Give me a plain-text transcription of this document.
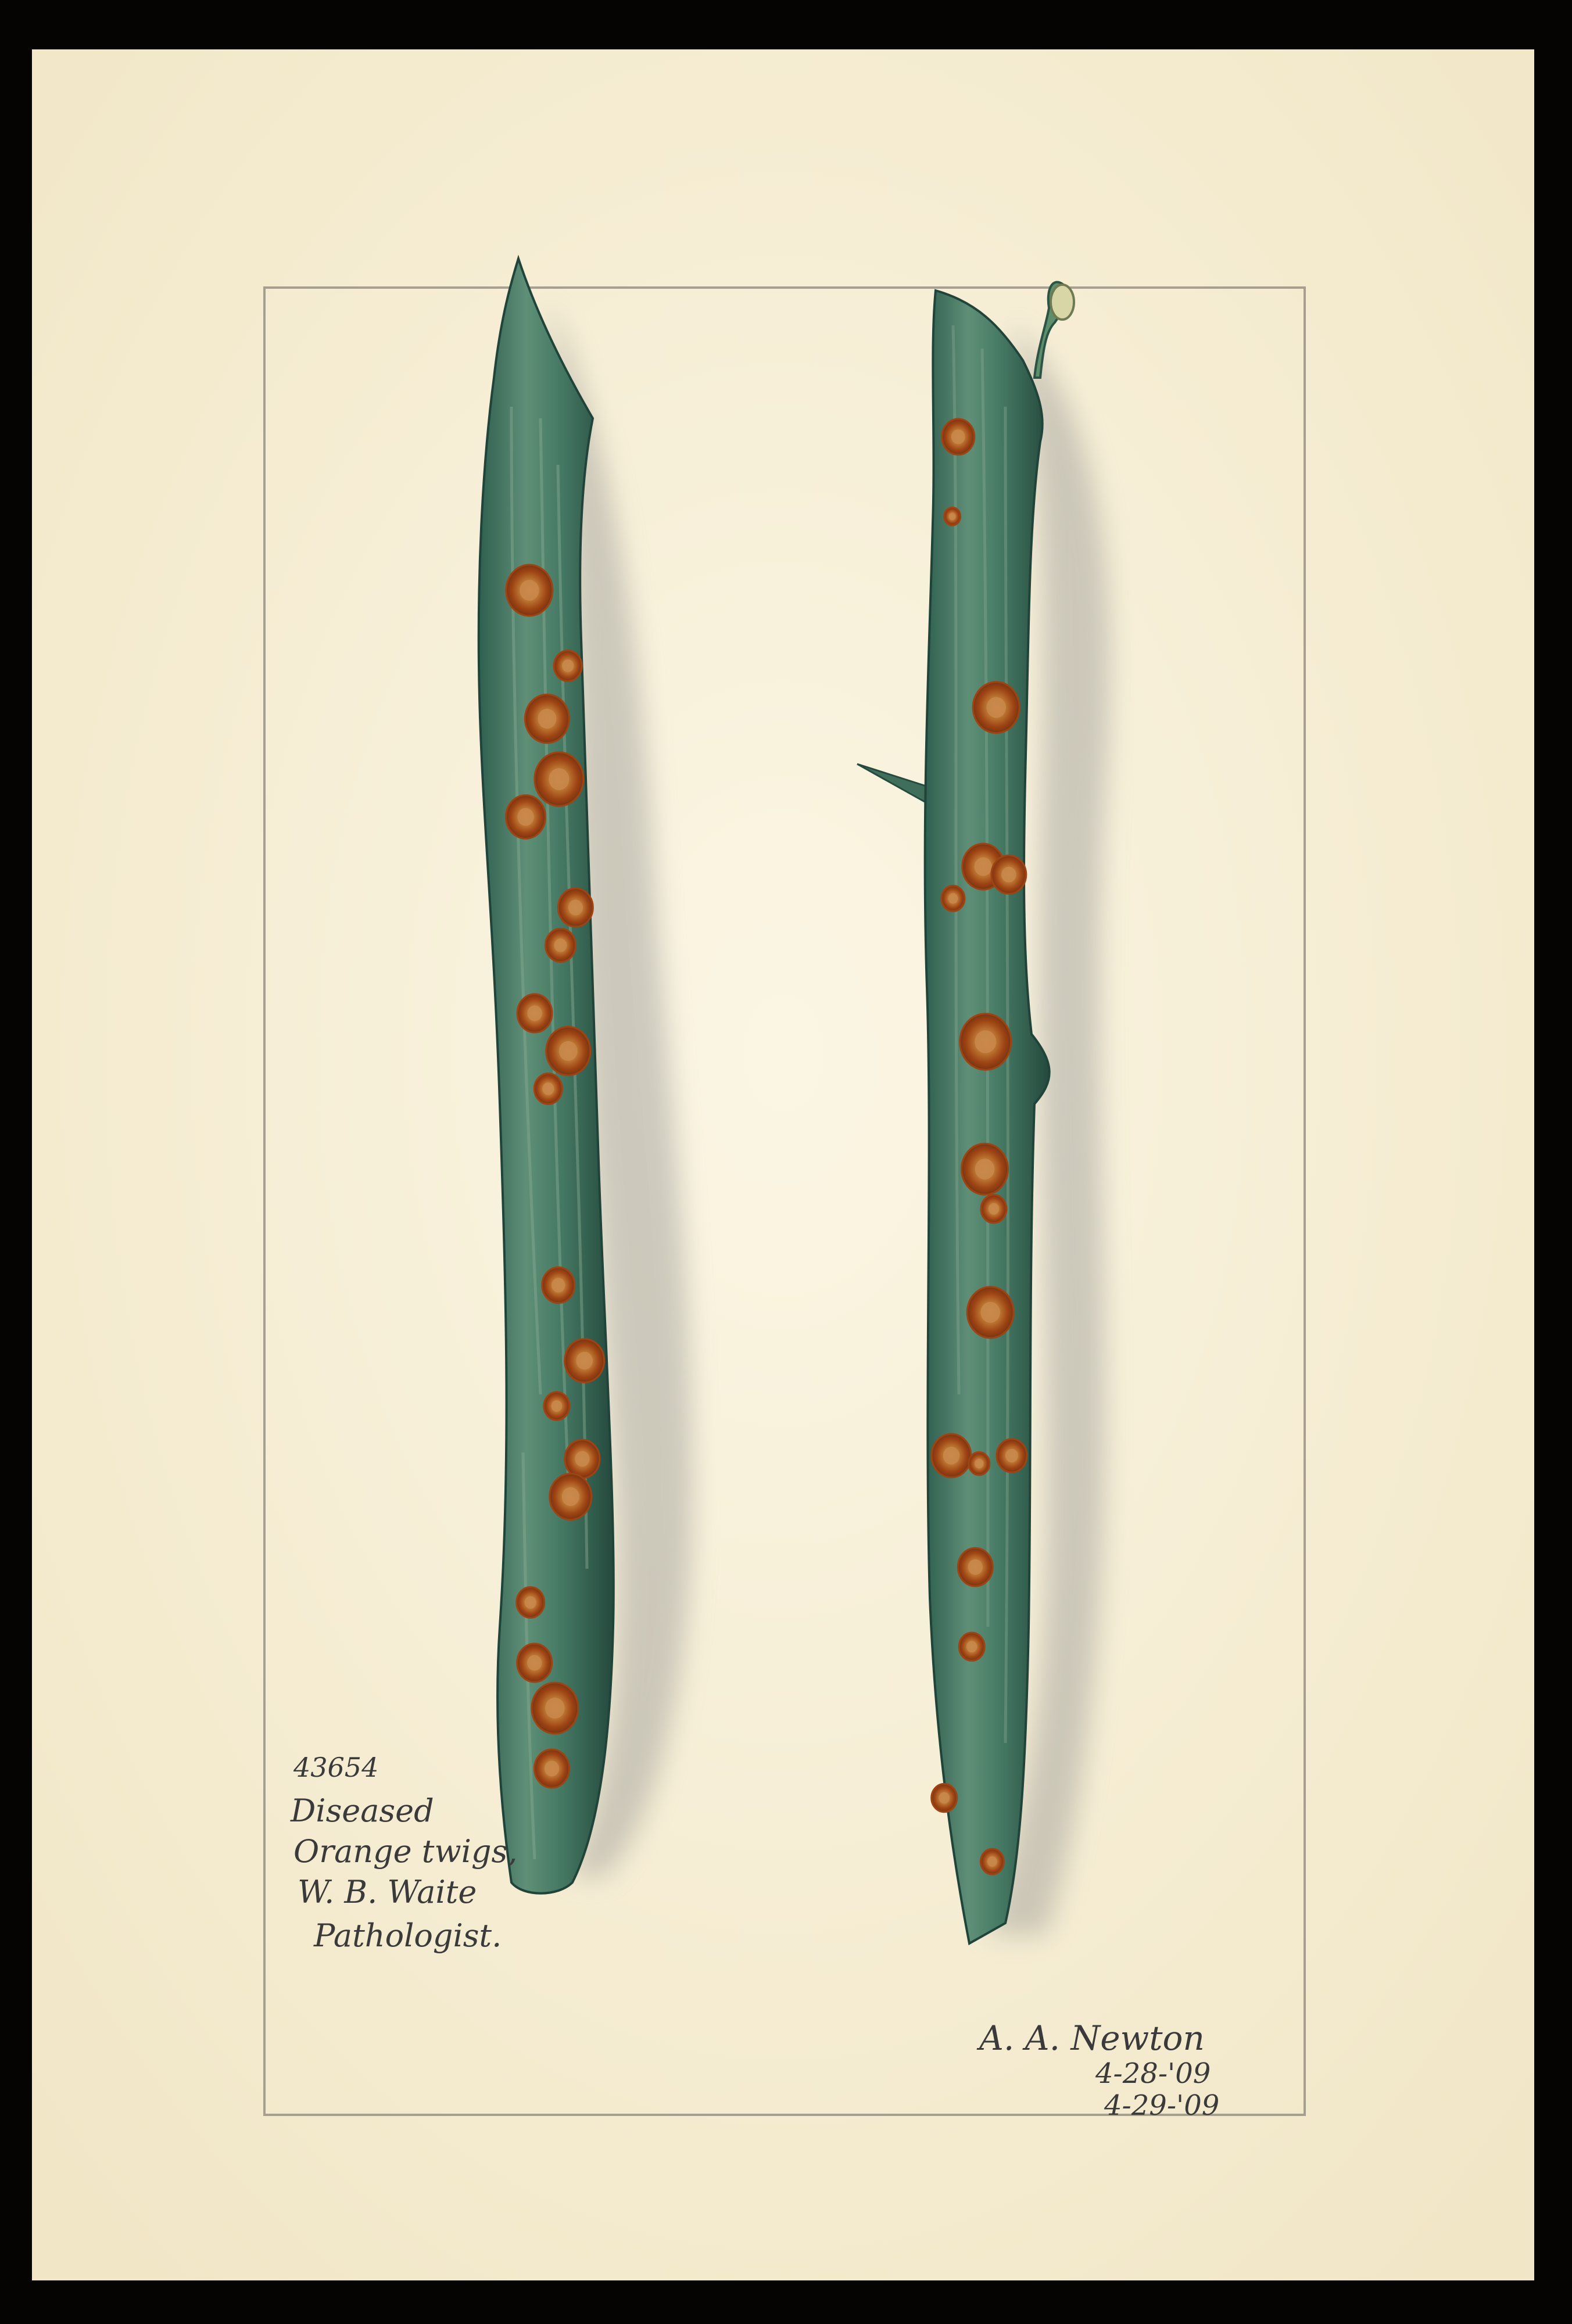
43654
Diseased
Orange twigs,
W. B. Waite
Pathologist.
A. A. Newton
4-28-'09
4-29-'09
